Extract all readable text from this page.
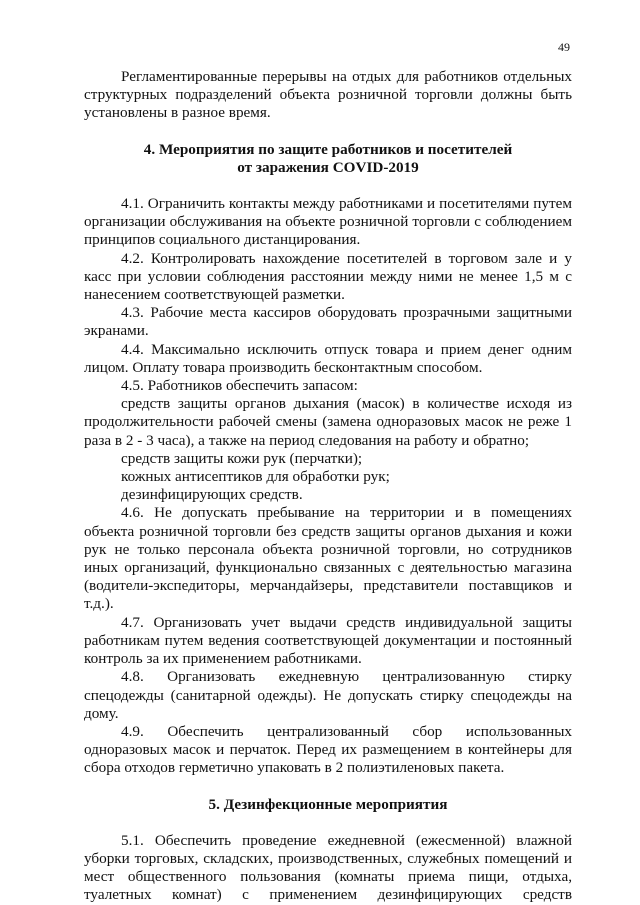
49

Регламентированные перерывы на отдых для работников отдельных структурных подразделений объекта розничной торговли должны быть установлены в разное время.

4. Мероприятия по защите работников и посетителей
от заражения COVID-2019

4.1. Ограничить контакты между работниками и посетителями путем организации обслуживания на объекте розничной торговли с соблюдением принципов социального дистанцирования.

4.2. Контролировать нахождение посетителей в торговом зале и у касс при условии соблюдения расстоянии между ними не менее 1,5 м с нанесением соответствующей разметки.

4.3. Рабочие места кассиров оборудовать прозрачными защитными экранами.

4.4. Максимально исключить отпуск товара и прием денег одним лицом. Оплату товара производить бесконтактным способом.

4.5. Работников обеспечить запасом:

средств защиты органов дыхания (масок) в количестве исходя из продолжительности рабочей смены (замена одноразовых масок не реже 1 раза в 2 - 3 часа), а также на период следования на работу и обратно;

средств защиты кожи рук (перчатки);

кожных антисептиков для обработки рук;

дезинфицирующих средств.

4.6. Не допускать пребывание на территории и в помещениях объекта розничной торговли без средств защиты органов дыхания и кожи рук не только персонала объекта розничной торговли, но сотрудников иных организаций, функционально связанных с деятельностью магазина (водители-экспедиторы, мерчандайзеры, представители поставщиков и т.д.).

4.7. Организовать учет выдачи средств индивидуальной защиты работникам путем ведения соответствующей документации и постоянный контроль за их применением работниками.

4.8. Организовать ежедневную централизованную стирку спецодежды (санитарной одежды). Не допускать стирку спецодежды на дому.

4.9. Обеспечить централизованный сбор использованных одноразовых масок и перчаток. Перед их размещением в контейнеры для сбора отходов герметично упаковать в 2 полиэтиленовых пакета.

5. Дезинфекционные мероприятия

5.1. Обеспечить проведение ежедневной (ежесменной) влажной уборки торговых, складских, производственных, служебных помещений и мест общественного пользования (комнаты приема пищи, отдыха, туалетных комнат) с применением дезинфицирующих средств
